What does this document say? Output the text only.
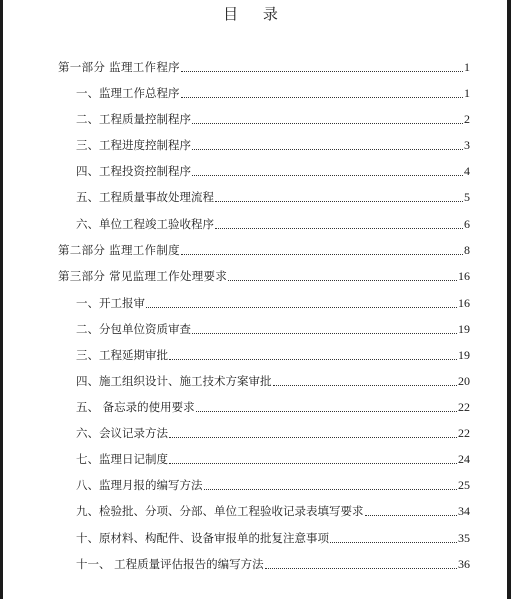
目 录
第一部分 监理工作程序	1
一、监理工作总程序	1
二、工程质量控制程序	2
三、工程进度控制程序	3
四、工程投资控制程序	4
五、工程质量事故处理流程	5
六、单位工程竣工验收程序	6
第二部分 监理工作制度	8
第三部分 常见监理工作处理要求	16
一、开工报审	16
二、分包单位资质审查	19
三、工程延期审批	19
四、施工组织设计、施工技术方案审批	20
五、 备忘录的使用要求	22
六、会议记录方法	22
七、监理日记制度	24
八、监理月报的编写方法	25
九、检验批、分项、分部、单位工程验收记录表填写要求	34
十、原材料、构配件、设备审报单的批复注意事项	35
十一、 工程质量评估报告的编写方法	36
